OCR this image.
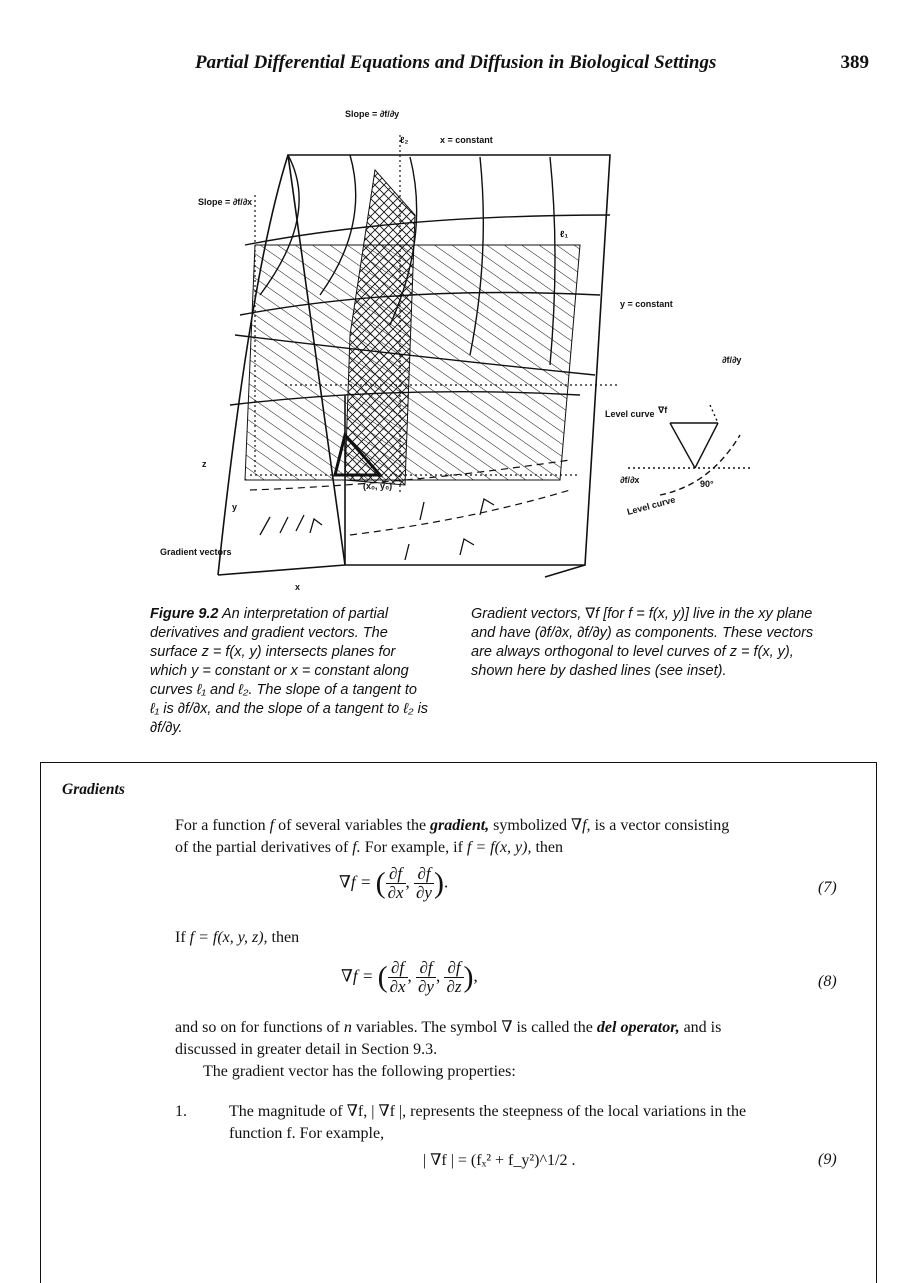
Partial Differential Equations and Diffusion in Biological Settings	389
Slope = ∂f/∂y
Slope = ∂f/∂x
ℓ₂
ℓ₁
x = constant
y = constant
z
y
x
(x₀, y₀)
Gradient vectors
Level curve ∇f
∂f/∂y
∂f/∂x	90°
Level curve
Figure 9.2 An interpretation of partial derivatives and gradient vectors. The surface z = f(x, y) intersects planes for which y = constant or x = constant along curves ℓ₁ and ℓ₂. The slope of a tangent to ℓ₁ is ∂f/∂x, and the slope of a tangent to ℓ₂ is ∂f/∂y.
Gradient vectors, ∇f [for f = f(x, y)] live in the xy plane and have (∂f/∂x, ∂f/∂y) as components. These vectors are always orthogonal to level curves of z = f(x, y), shown here by dashed lines (see inset).
Gradients
For a function f of several variables the gradient, symbolized ∇f, is a vector consisting
of the partial derivatives of f. For example, if f = f(x, y), then
∇f = ( $\frac{\partial f}{\partial x}$ , $\frac{\partial f}{\partial y}$ ).	(7)
If f = f(x, y, z), then
∇f = ( $\frac{\partial f}{\partial x}$ , $\frac{\partial f}{\partial y}$ , $\frac{\partial f}{\partial z}$ ),	(8)
and so on for functions of n variables. The symbol ∇ is called the del operator, and is
discussed in greater detail in Section 9.3.
The gradient vector has the following properties:
1.	The magnitude of ∇f, | ∇f |, represents the steepness of the local variations in the
function f. For example,
| ∇f | = (fₓ² + f_y²)^1/2 .	(9)
